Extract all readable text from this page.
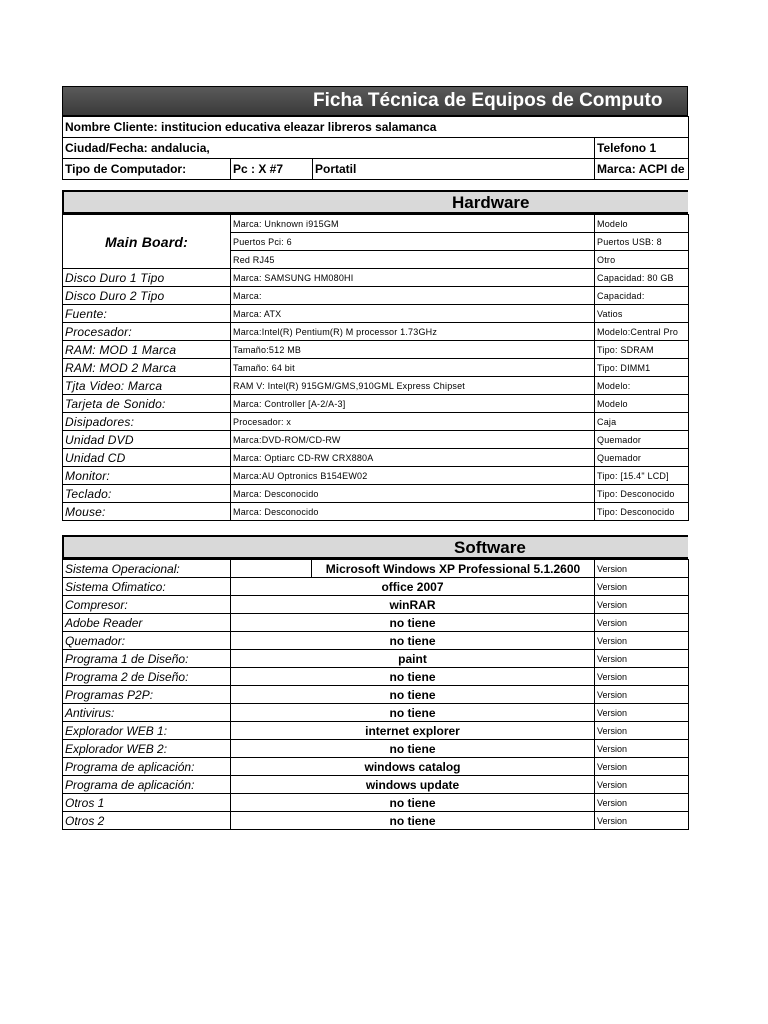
Ficha Técnica de Equipos de Computo
Nombre Cliente: institucion educativa eleazar libreros salamanca			
Ciudad/Fecha: andalucia,			Telefono 1
Tipo de Computador:	Pc : X #7	Portatil	Marca: ACPI de
Hardware
Main Board:	Marca: Unknown i915GM	Modelo
	Puertos Pci: 6	Puertos USB: 8
	Red RJ45	Otro
Disco Duro 1 Tipo	Marca: SAMSUNG HM080HI	Capacidad: 80 GB
Disco Duro 2 Tipo	Marca:	Capacidad:
Fuente:	Marca: ATX	Vatios
Procesador:	Marca:Intel(R) Pentium(R) M processor 1.73GHz	Modelo:Central Pro
RAM: MOD 1 Marca	Tamaño:512 MB	Tipo: SDRAM
RAM: MOD 2 Marca	Tamaño: 64 bit	Tipo: DIMM1
Tjta Video: Marca	RAM V: Intel(R) 915GM/GMS,910GML Express Chipset	Modelo:
Tarjeta de Sonido:	Marca: Controller [A-2/A-3]	Modelo
Disipadores:	Procesador: x	Caja
Unidad DVD	Marca:DVD-ROM/CD-RW	Quemador
Unidad CD	Marca: Optiarc CD-RW CRX880A	Quemador
Monitor:	Marca:AU Optronics B154EW02	Tipo: [15.4" LCD]
Teclado:	Marca: Desconocido	Tipo: Desconocido
Mouse:	Marca: Desconocido	Tipo: Desconocido
Software
Sistema Operacional:		Microsoft Windows XP Professional 5.1.2600	Version
Sistema Ofimatico:	office 2007		Version
Compresor:	winRAR		Version
Adobe Reader	no tiene		Version
Quemador:	no tiene		Version
Programa 1 de Diseño:	paint		Version
Programa 2 de Diseño:	no tiene		Version
Programas P2P:	no tiene		Version
Antivirus:	no tiene		Version
Explorador WEB 1:	internet explorer		Version
Explorador WEB 2:	no tiene		Version
Programa de aplicación:	windows catalog		Version
Programa de aplicación:	windows update		Version
Otros 1	no tiene		Version
Otros 2	no tiene		Version
